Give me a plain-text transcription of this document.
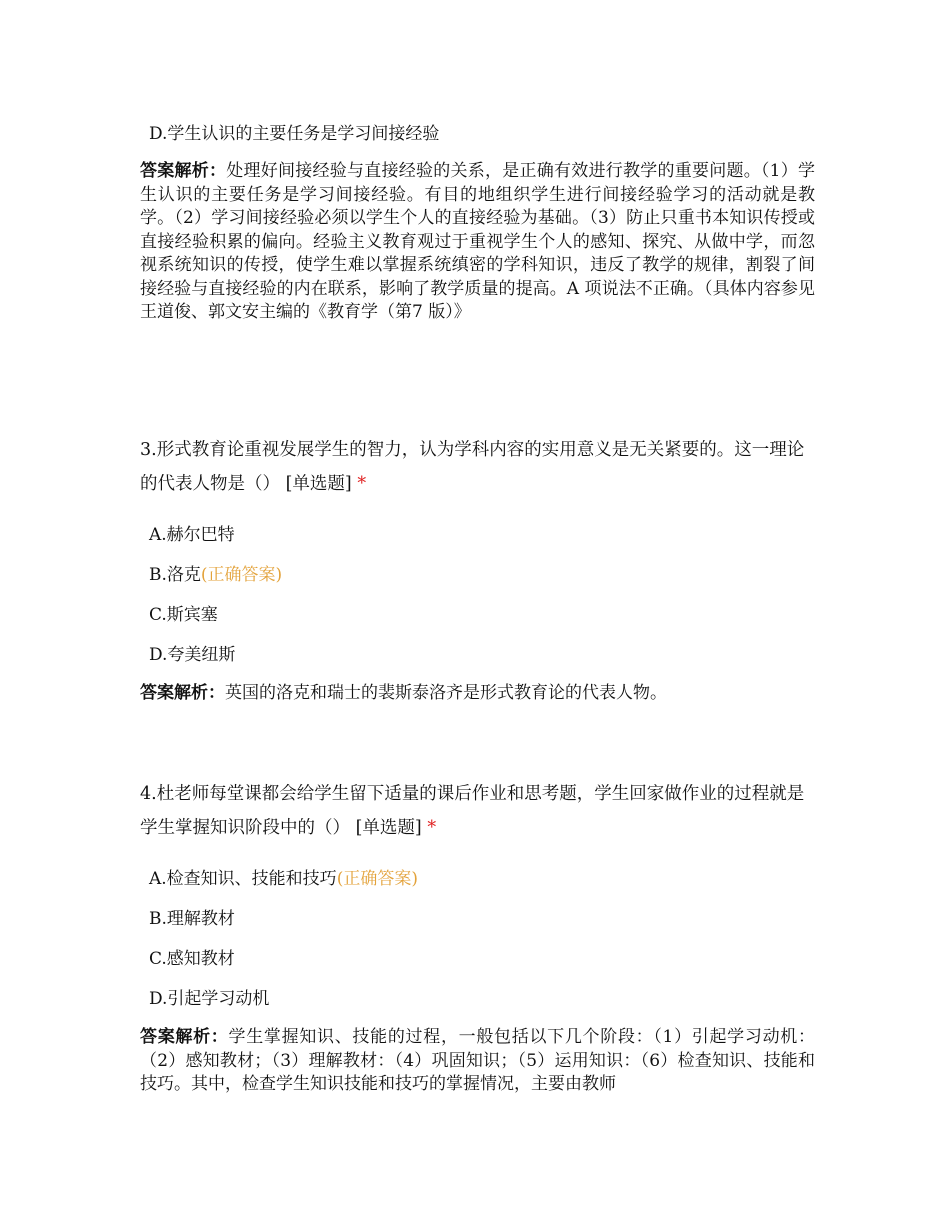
D.学生认识的主要任务是学习间接经验
答案解析：处理好间接经验与直接经验的关系，是正确有效进行教学的重要问题。（1）学生认识的主要任务是学习间接经验。有目的地组织学生进行间接经验学习的活动就是教学。（2）学习间接经验必须以学生个人的直接经验为基础。（3）防止只重书本知识传授或直接经验积累的偏向。经验主义教育观过于重视学生个人的感知、探究、从做中学，而忽视系统知识的传授，使学生难以掌握系统缜密的学科知识，违反了教学的规律，割裂了间接经验与直接经验的内在联系，影响了教学质量的提高。A 项说法不正确。（具体内容参见王道俊、郭文安主编的《教育学（第7 版）》
3.形式教育论重视发展学生的智力，认为学科内容的实用意义是无关紧要的。这一理论的代表人物是（） [单选题] *
A.赫尔巴特
B.洛克(正确答案)
C.斯宾塞
D.夸美纽斯
答案解析：英国的洛克和瑞士的裴斯泰洛齐是形式教育论的代表人物。
4.杜老师每堂课都会给学生留下适量的课后作业和思考题，学生回家做作业的过程就是学生掌握知识阶段中的（） [单选题] *
A.检查知识、技能和技巧(正确答案)
B.理解教材
C.感知教材
D.引起学习动机
答案解析：学生掌握知识、技能的过程，一般包括以下几个阶段：（1）引起学习动机：（2）感知教材；（3）理解教材：（4）巩固知识；（5）运用知识：（6）检查知识、技能和技巧。其中，检查学生知识技能和技巧的掌握情况，主要由教师
